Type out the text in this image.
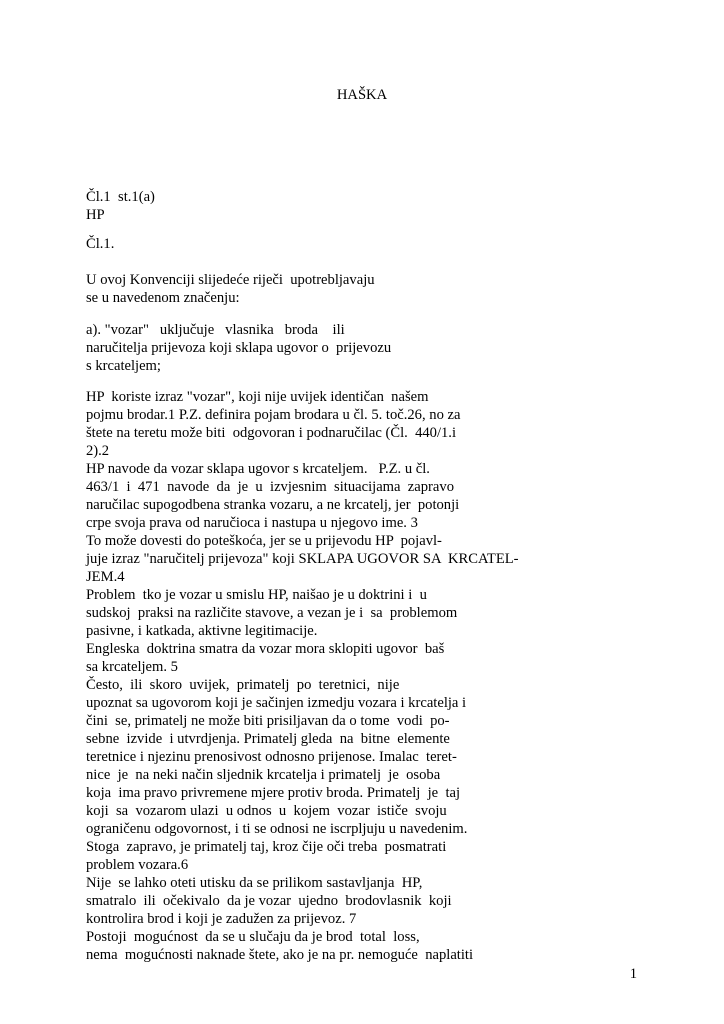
HAŠKA
Čl.1  st.1(a)
HP
Čl.1.
U ovoj Konvenciji slijedeće riječi  upotrebljavaju
se u navedenom značenju:
a). "vozar"   uključuje   vlasnika   broda    ili
naručitelja prijevoza koji sklapa ugovor o  prijevozu
s krcateljem;
HP  koriste izraz "vozar", koji nije uvijek identičan  našem
pojmu brodar.1 P.Z. definira pojam brodara u čl. 5. toč.26, no za
štete na teretu može biti  odgovoran i podnaručilac (Čl.  440/1.i
2).2
HP navode da vozar sklapa ugovor s krcateljem.   P.Z. u čl.
463/1  i  471  navode  da  je  u  izvjesnim  situacijama  zapravo
naručilac supogodbena stranka vozaru, a ne krcatelj, jer  potonji
crpe svoja prava od naručioca i nastupa u njegovo ime. 3
To može dovesti do poteškoća, jer se u prijevodu HP  pojavl-
juje izraz "naručitelj prijevoza" koji SKLAPA UGOVOR SA  KRCATEL-
JEM.4
Problem  tko je vozar u smislu HP, naišao je u doktrini i  u
sudskoj  praksi na različite stavove, a vezan je i  sa  problemom
pasivne, i katkada, aktivne legitimacije.
Engleska  doktrina smatra da vozar mora sklopiti ugovor  baš
sa krcateljem. 5
Često,  ili  skoro  uvijek,  primatelj  po  teretnici,  nije
upoznat sa ugovorom koji je sačinjen izmedju vozara i krcatelja i
čini  se, primatelj ne može biti prisiljavan da o tome  vodi  po-
sebne  izvide  i utvrdjenja. Primatelj gleda  na  bitne  elemente
teretnice i njezinu prenosivost odnosno prijenose. Imalac  teret-
nice  je  na neki način sljednik krcatelja i primatelj  je  osoba
koja  ima pravo privremene mjere protiv broda. Primatelj  je  taj
koji  sa  vozarom ulazi  u odnos  u  kojem  vozar  ističe  svoju
ograničenu odgovornost, i ti se odnosi ne iscrpljuju u navedenim.
Stoga  zapravo, je primatelj taj, kroz čije oči treba  posmatrati
problem vozara.6
Nije  se lahko oteti utisku da se prilikom sastavljanja  HP,
smatralo  ili  očekivalo  da je vozar  ujedno  brodovlasnik  koji
kontrolira brod i koji je zadužen za prijevoz. 7
Postoji  mogućnost  da se u slučaju da je brod  total  loss,
nema  mogućnosti naknade štete, ako je na pr. nemoguće  naplatiti
1
